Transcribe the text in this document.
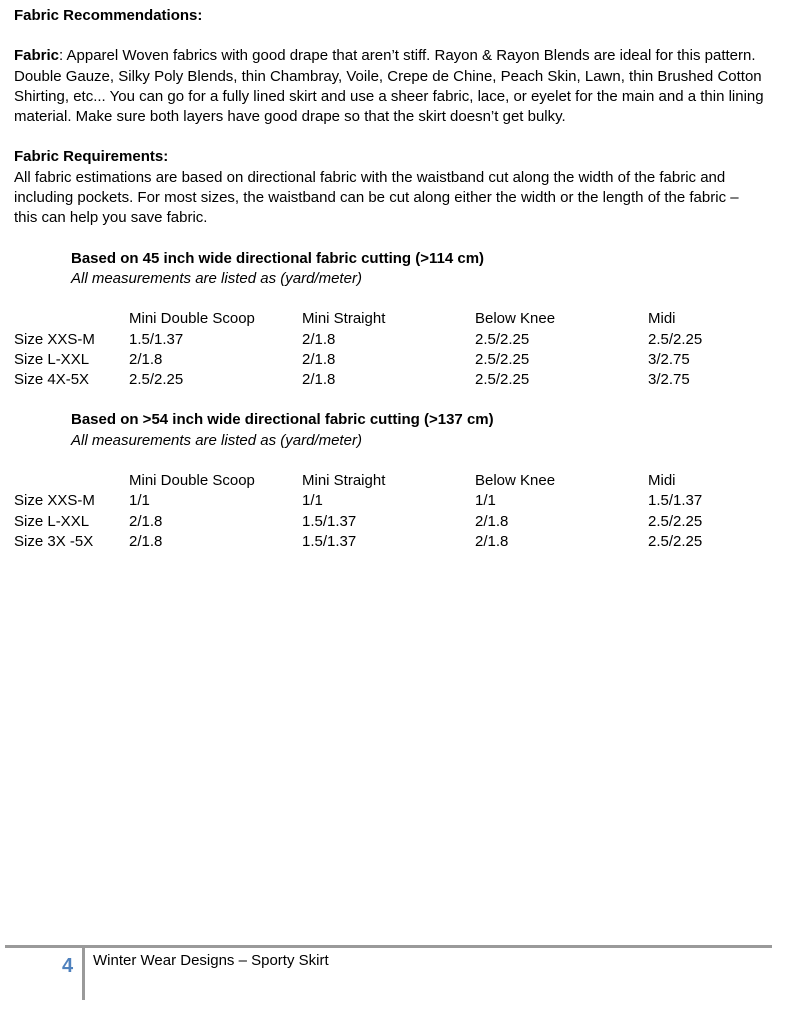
Fabric Recommendations:

Fabric: Apparel Woven fabrics with good drape that aren’t stiff. Rayon & Rayon Blends are ideal for this pattern. Double Gauze, Silky Poly Blends, thin Chambray, Voile, Crepe de Chine, Peach Skin, Lawn, thin Brushed Cotton Shirting, etc... You can go for a fully lined skirt and use a sheer fabric, lace, or eyelet for the main and a thin lining material. Make sure both layers have good drape so that the skirt doesn’t get bulky.

Fabric Requirements:

All fabric estimations are based on directional fabric with the waistband cut along the width of the fabric and including pockets. For most sizes, the waistband can be cut along either the width or the length of the fabric – this can help you save fabric.

Based on 45 inch wide directional fabric cutting (>114 cm)
All measurements are listed as (yard/meter)
	Mini Double Scoop	Mini Straight	Below Knee	Midi
Size XXS-M	1.5/1.37	2/1.8	2.5/2.25	2.5/2.25
Size L-XXL	2/1.8	2/1.8	2.5/2.25	3/2.75
Size 4X-5X	2.5/2.25	2/1.8	2.5/2.25	3/2.75
Based on >54 inch wide directional fabric cutting (>137 cm)
All measurements are listed as (yard/meter)
	Mini Double Scoop	Mini Straight	Below Knee	Midi
Size XXS-M	1/1	1/1	1/1	1.5/1.37
Size L-XXL	2/1.8	1.5/1.37	2/1.8	2.5/2.25
Size 3X -5X	2/1.8	1.5/1.37	2/1.8	2.5/2.25
4 Winter Wear Designs – Sporty Skirt
